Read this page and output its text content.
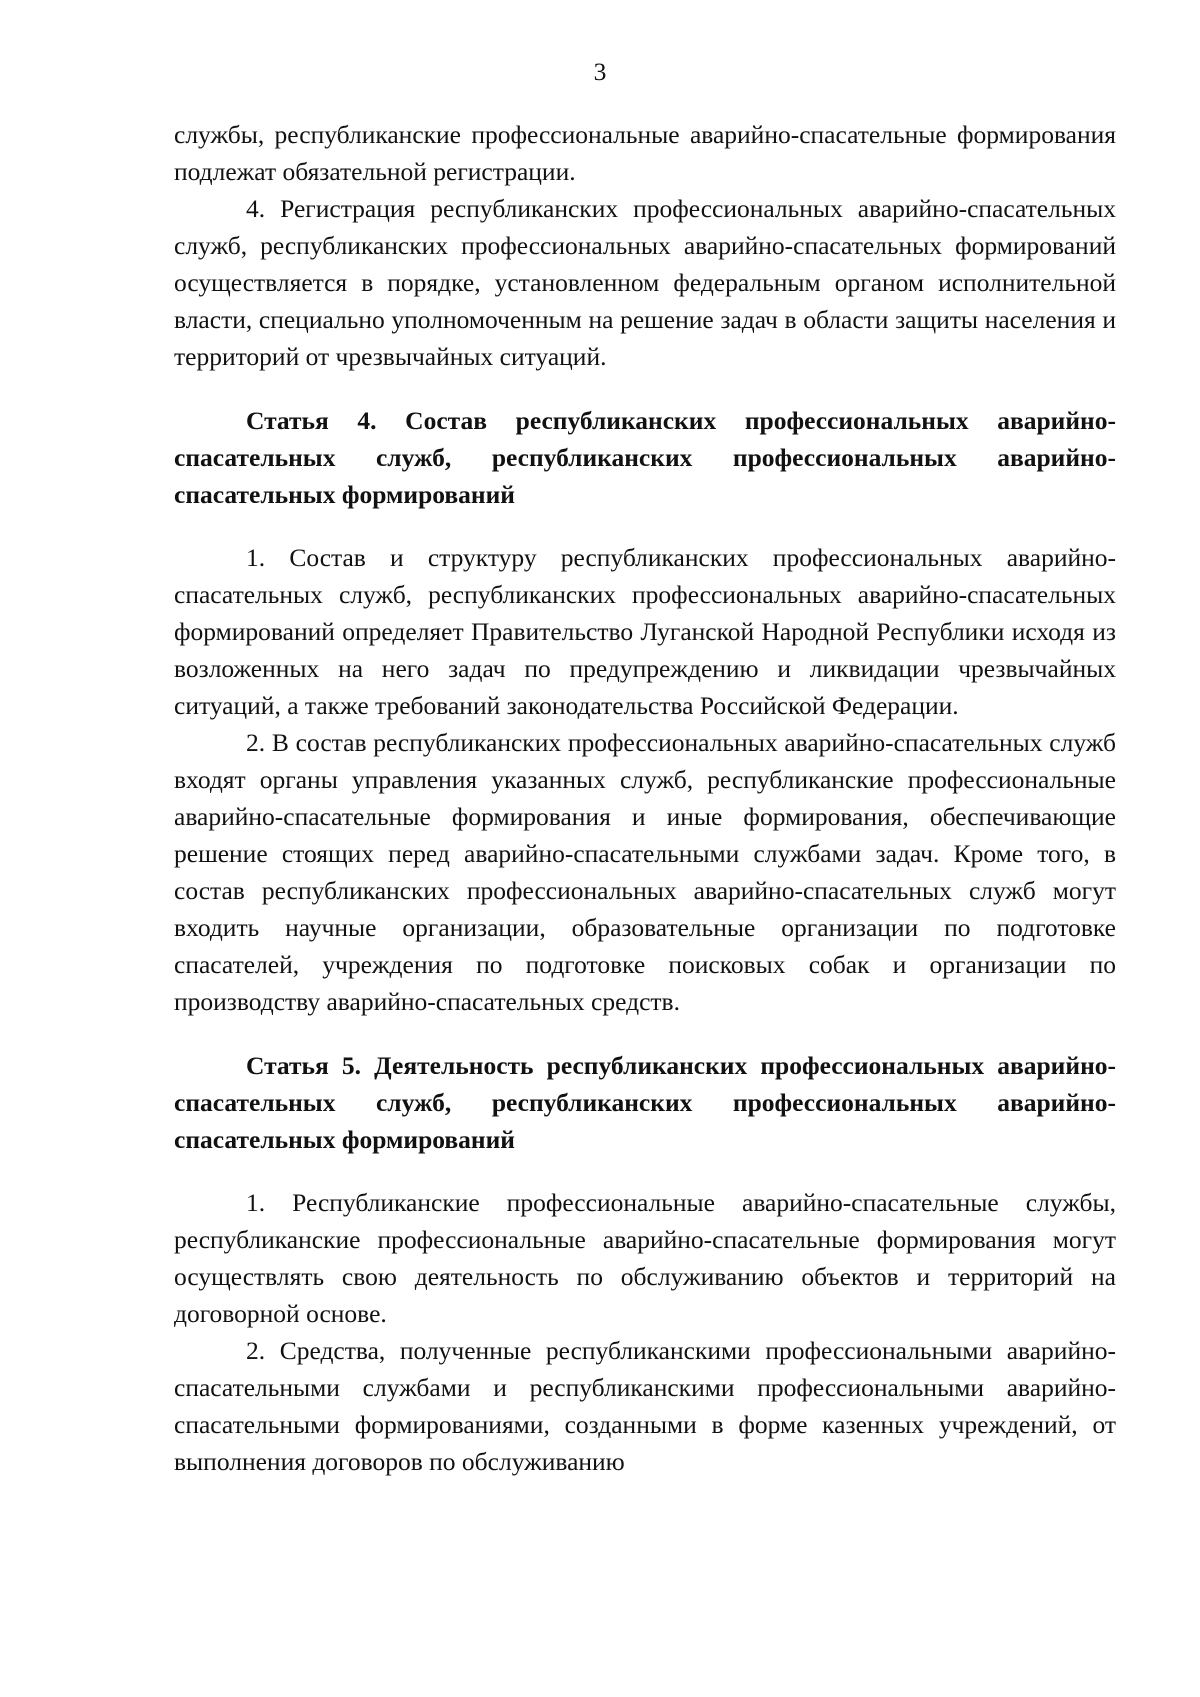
3

службы, республиканские профессиональные аварийно-спасательные формирования подлежат обязательной регистрации.

4. Регистрация республиканских профессиональных аварийно-спасательных служб, республиканских профессиональных аварийно-спасательных формирований осуществляется в порядке, установленном федеральным органом исполнительной власти, специально уполномоченным на решение задач в области защиты населения и территорий от чрезвычайных ситуаций.

Статья 4. Состав республиканских профессиональных аварийно-спасательных служб, республиканских профессиональных аварийно-спасательных формирований

1. Состав и структуру республиканских профессиональных аварийно-спасательных служб, республиканских профессиональных аварийно-спасательных формирований определяет Правительство Луганской Народной Республики исходя из возложенных на него задач по предупреждению и ликвидации чрезвычайных ситуаций, а также требований законодательства Российской Федерации.

2. В состав республиканских профессиональных аварийно-спасательных служб входят органы управления указанных служб, республиканские профессиональные аварийно-спасательные формирования и иные формирования, обеспечивающие решение стоящих перед аварийно-спасательными службами задач. Кроме того, в состав республиканских профессиональных аварийно-спасательных служб могут входить научные организации, образовательные организации по подготовке спасателей, учреждения по подготовке поисковых собак и организации по производству аварийно-спасательных средств.

Статья 5. Деятельность республиканских профессиональных аварийно-спасательных служб, республиканских профессиональных аварийно-спасательных формирований

1. Республиканские профессиональные аварийно-спасательные службы, республиканские профессиональные аварийно-спасательные формирования могут осуществлять свою деятельность по обслуживанию объектов и территорий на договорной основе.

2. Средства, полученные республиканскими профессиональными аварийно-спасательными службами и республиканскими профессиональными аварийно-спасательными формированиями, созданными в форме казенных учреждений, от выполнения договоров по обслуживанию
